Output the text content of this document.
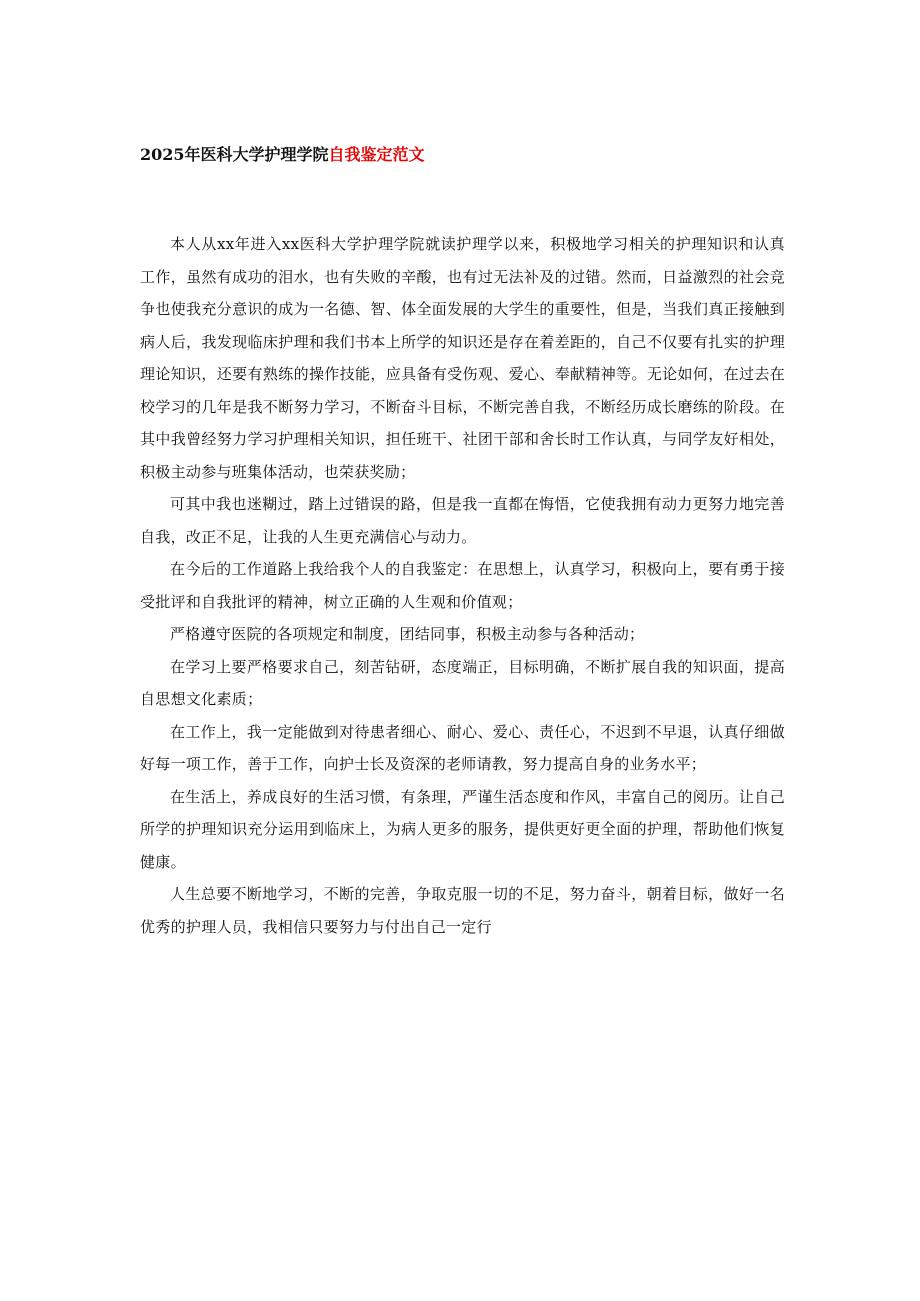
2025年医科大学护理学院自我鉴定范文

本人从xx年进入xx医科大学护理学院就读护理学以来，积极地学习相关的护理知识和认真工作，虽然有成功的泪水，也有失败的辛酸，也有过无法补及的过错。然而，日益激烈的社会竞争也使我充分意识的成为一名德、智、体全面发展的大学生的重要性，但是，当我们真正接触到病人后，我发现临床护理和我们书本上所学的知识还是存在着差距的，自己不仅要有扎实的护理理论知识，还要有熟练的操作技能，应具备有受伤观、爱心、奉献精神等。无论如何，在过去在校学习的几年是我不断努力学习，不断奋斗目标，不断完善自我，不断经历成长磨练的阶段。在其中我曾经努力学习护理相关知识，担任班干、社团干部和舍长时工作认真，与同学友好相处，积极主动参与班集体活动，也荣获奖励；

可其中我也迷糊过，踏上过错误的路，但是我一直都在悔悟，它使我拥有动力更努力地完善自我，改正不足，让我的人生更充满信心与动力。

在今后的工作道路上我给我个人的自我鉴定：在思想上，认真学习，积极向上，要有勇于接受批评和自我批评的精神，树立正确的人生观和价值观；

严格遵守医院的各项规定和制度，团结同事，积极主动参与各种活动；

在学习上要严格要求自己，刻苦钻研，态度端正，目标明确，不断扩展自我的知识面，提高自思想文化素质；

在工作上，我一定能做到对待患者细心、耐心、爱心、责任心，不迟到不早退，认真仔细做好每一项工作，善于工作，向护士长及资深的老师请教，努力提高自身的业务水平；

在生活上，养成良好的生活习惯，有条理，严谨生活态度和作风，丰富自己的阅历。让自己所学的护理知识充分运用到临床上，为病人更多的服务，提供更好更全面的护理，帮助他们恢复健康。

人生总要不断地学习，不断的完善，争取克服一切的不足，努力奋斗，朝着目标，做好一名优秀的护理人员，我相信只要努力与付出自己一定行
